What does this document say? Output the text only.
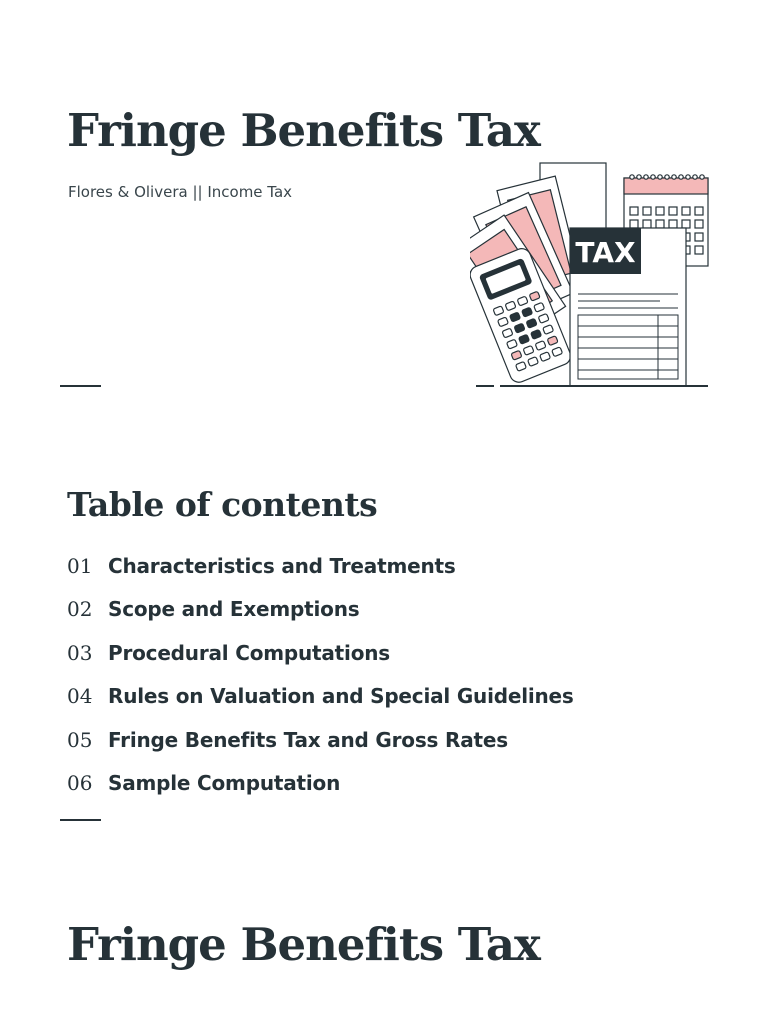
Fringe Benefits Tax

Flores & Olivera || Income Tax

TAX
Table of contents
01 Characteristics and Treatments
02 Scope and Exemptions
03 Procedural Computations
04 Rules on Valuation and Special Guidelines
05 Fringe Benefits Tax and Gross Rates
06 Sample Computation
Fringe Benefits Tax
